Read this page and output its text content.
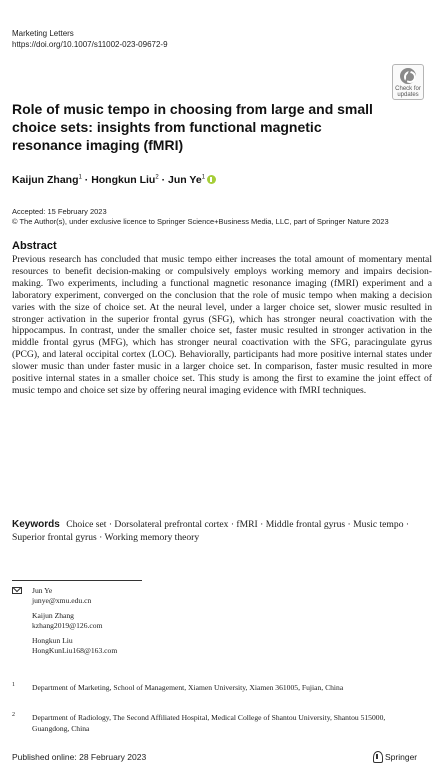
Marketing Letters
https://doi.org/10.1007/s11002-023-09672-9
Check for updates
Role of music tempo in choosing from large and small choice sets: insights from functional magnetic resonance imaging (fMRI)
Kaijun Zhang$^1$ · Hongkun Liu$^2$ · Jun Ye$^1$
Accepted: 15 February 2023
© The Author(s), under exclusive licence to Springer Science+Business Media, LLC, part of Springer Nature 2023
Abstract

Previous research has concluded that music tempo either increases the total amount of momentary mental resources to benefit decision-making or compulsively employs working memory and impairs decision-making. Two experiments, including a functional magnetic resonance imaging (fMRI) experiment and a laboratory experiment, converged on the conclusion that the role of music tempo when making a decision varies with the size of choice set. At the neural level, under a larger choice set, slower music resulted in stronger activation in the superior frontal gyrus (SFG), which has stronger neural coactivation with the hippocampus. In contrast, under the smaller choice set, faster music resulted in stronger activation in the middle frontal gyrus (MFG), which has stronger neural coactivation with the SFG, paracingulate gyrus (PCG), and lateral occipital cortex (LOC). Behaviorally, participants had more positive internal states under slower music than under faster music in a larger choice set. In comparison, faster music resulted in more positive internal states in a smaller choice set. This study is among the first to examine the joint effect of music tempo and choice set size by offering neural imaging evidence with fMRI techniques.

Keywords Choice set · Dorsolateral prefrontal cortex · fMRI · Middle frontal gyrus · Music tempo · Superior frontal gyrus · Working memory theory

Jun Ye
junye@xmu.edu.cn
Kaijun Zhang
kzhang2019@126.com
Hongkun Liu
HongKunLiu168@163.com
1 Department of Marketing, School of Management, Xiamen University, Xiamen 361005, Fujian, China
2 Department of Radiology, The Second Affiliated Hospital, Medical College of Shantou University, Shantou 515000, Guangdong, China
Published online: 28 February 2023	Springer
